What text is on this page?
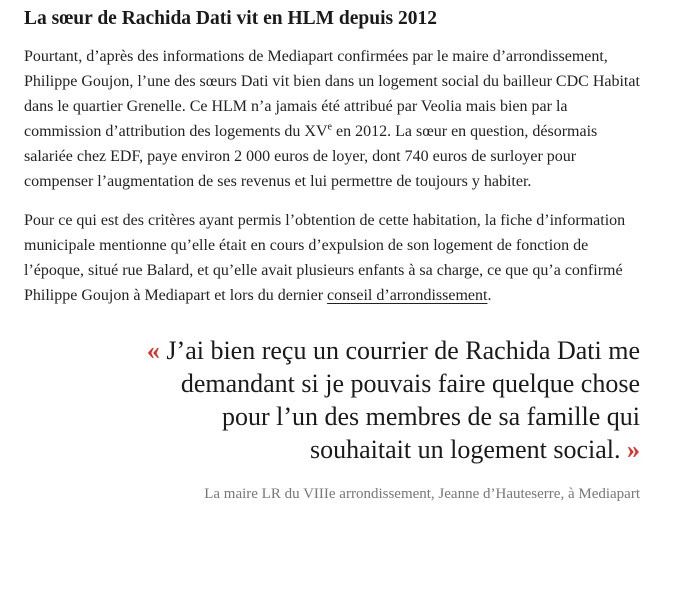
La sœur de Rachida Dati vit en HLM depuis 2012

Pourtant, d’après des informations de Mediapart confirmées par le maire d’arrondissement, Philippe Goujon, l’une des sœurs Dati vit bien dans un logement social du bailleur CDC Habitat dans le quartier Grenelle. Ce HLM n’a jamais été attribué par Veolia mais bien par la commission d’attribution des logements du XVe en 2012. La sœur en question, désormais salariée chez EDF, paye environ 2 000 euros de loyer, dont 740 euros de surloyer pour compenser l’augmentation de ses revenus et lui permettre de toujours y habiter.

Pour ce qui est des critères ayant permis l’obtention de cette habitation, la fiche d’information municipale mentionne qu’elle était en cours d’expulsion de son logement de fonction de l’époque, situé rue Balard, et qu’elle avait plusieurs enfants à sa charge, ce que qu’a confirmé Philippe Goujon à Mediapart et lors du dernier conseil d’arrondissement.

« J’ai bien reçu un courrier de Rachida Dati me demandant si je pouvais faire quelque chose pour l’un des membres de sa famille qui souhaitait un logement social. »
La maire LR du VIIIe arrondissement, Jeanne d’Hauteserre, à Mediapart
